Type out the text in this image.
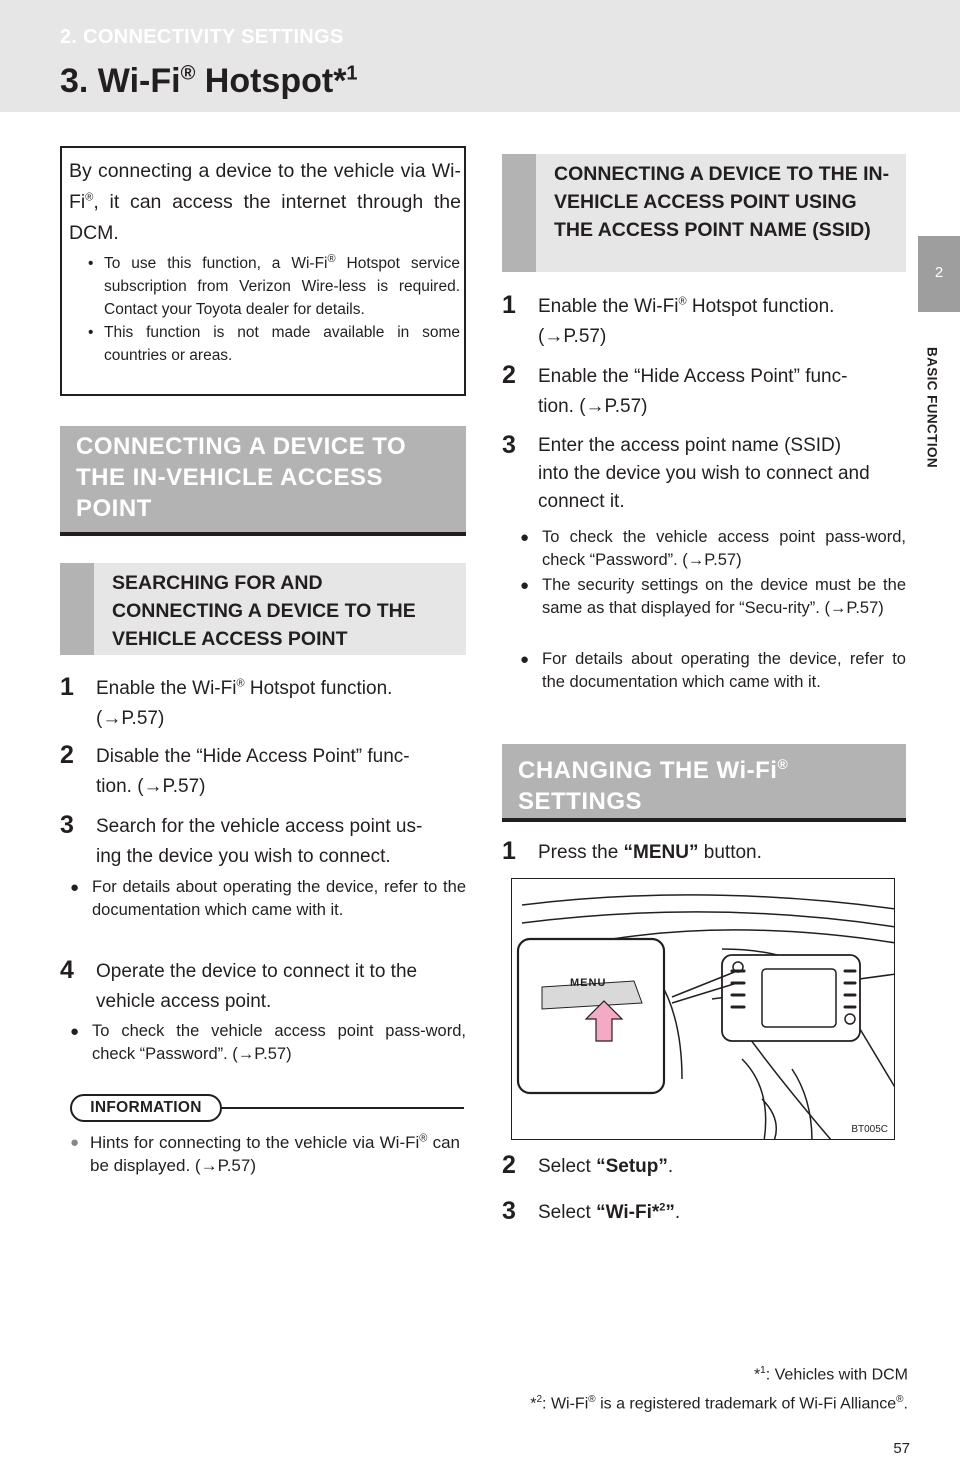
2. CONNECTIVITY SETTINGS
3. Wi-Fi® Hotspot*$^1$
2
BASIC FUNCTION
By connecting a device to the vehicle via Wi-Fi®, it can access the internet through the DCM.
• To use this function, a Wi-Fi® Hotspot service subscription from Verizon Wire-less is required. Contact your Toyota dealer for details.
• This function is not made available in some countries or areas.
CONNECTING A DEVICE TO THE IN-VEHICLE ACCESS POINT
SEARCHING FOR AND CONNECTING A DEVICE TO THE VEHICLE ACCESS POINT
1 Enable the Wi-Fi® Hotspot function.
(→P.57)
2 Disable the “Hide Access Point” func-
tion. (→P.57)
3 Search for the vehicle access point us-
ing the device you wish to connect.
● For details about operating the device, refer to the documentation which came with it.
4 Operate the device to connect it to the
vehicle access point.
● To check the vehicle access point pass-word, check “Password”. (→P.57)
INFORMATION
● Hints for connecting to the vehicle via Wi-Fi® can be displayed. (→P.57)
CONNECTING A DEVICE TO THE IN-VEHICLE ACCESS POINT USING THE ACCESS POINT NAME (SSID)
1 Enable the Wi-Fi® Hotspot function.
(→P.57)
2 Enable the “Hide Access Point” func-
tion. (→P.57)
3 Enter the access point name (SSID)
into the device you wish to connect and
connect it.
● To check the vehicle access point pass-word, check “Password”. (→P.57)
● The security settings on the device must be the same as that displayed for “Secu-rity”. (→P.57)
● For details about operating the device, refer to the documentation which came with it.
CHANGING THE Wi-Fi®
SETTINGS
1 Press the “MENU” button.
MENU
BT005C
2 Select “Setup”.
3 Select “Wi-Fi*$^2$”.
*$^1$: Vehicles with DCM
*$^2$: Wi-Fi® is a registered trademark of Wi-Fi Alliance®.
57
